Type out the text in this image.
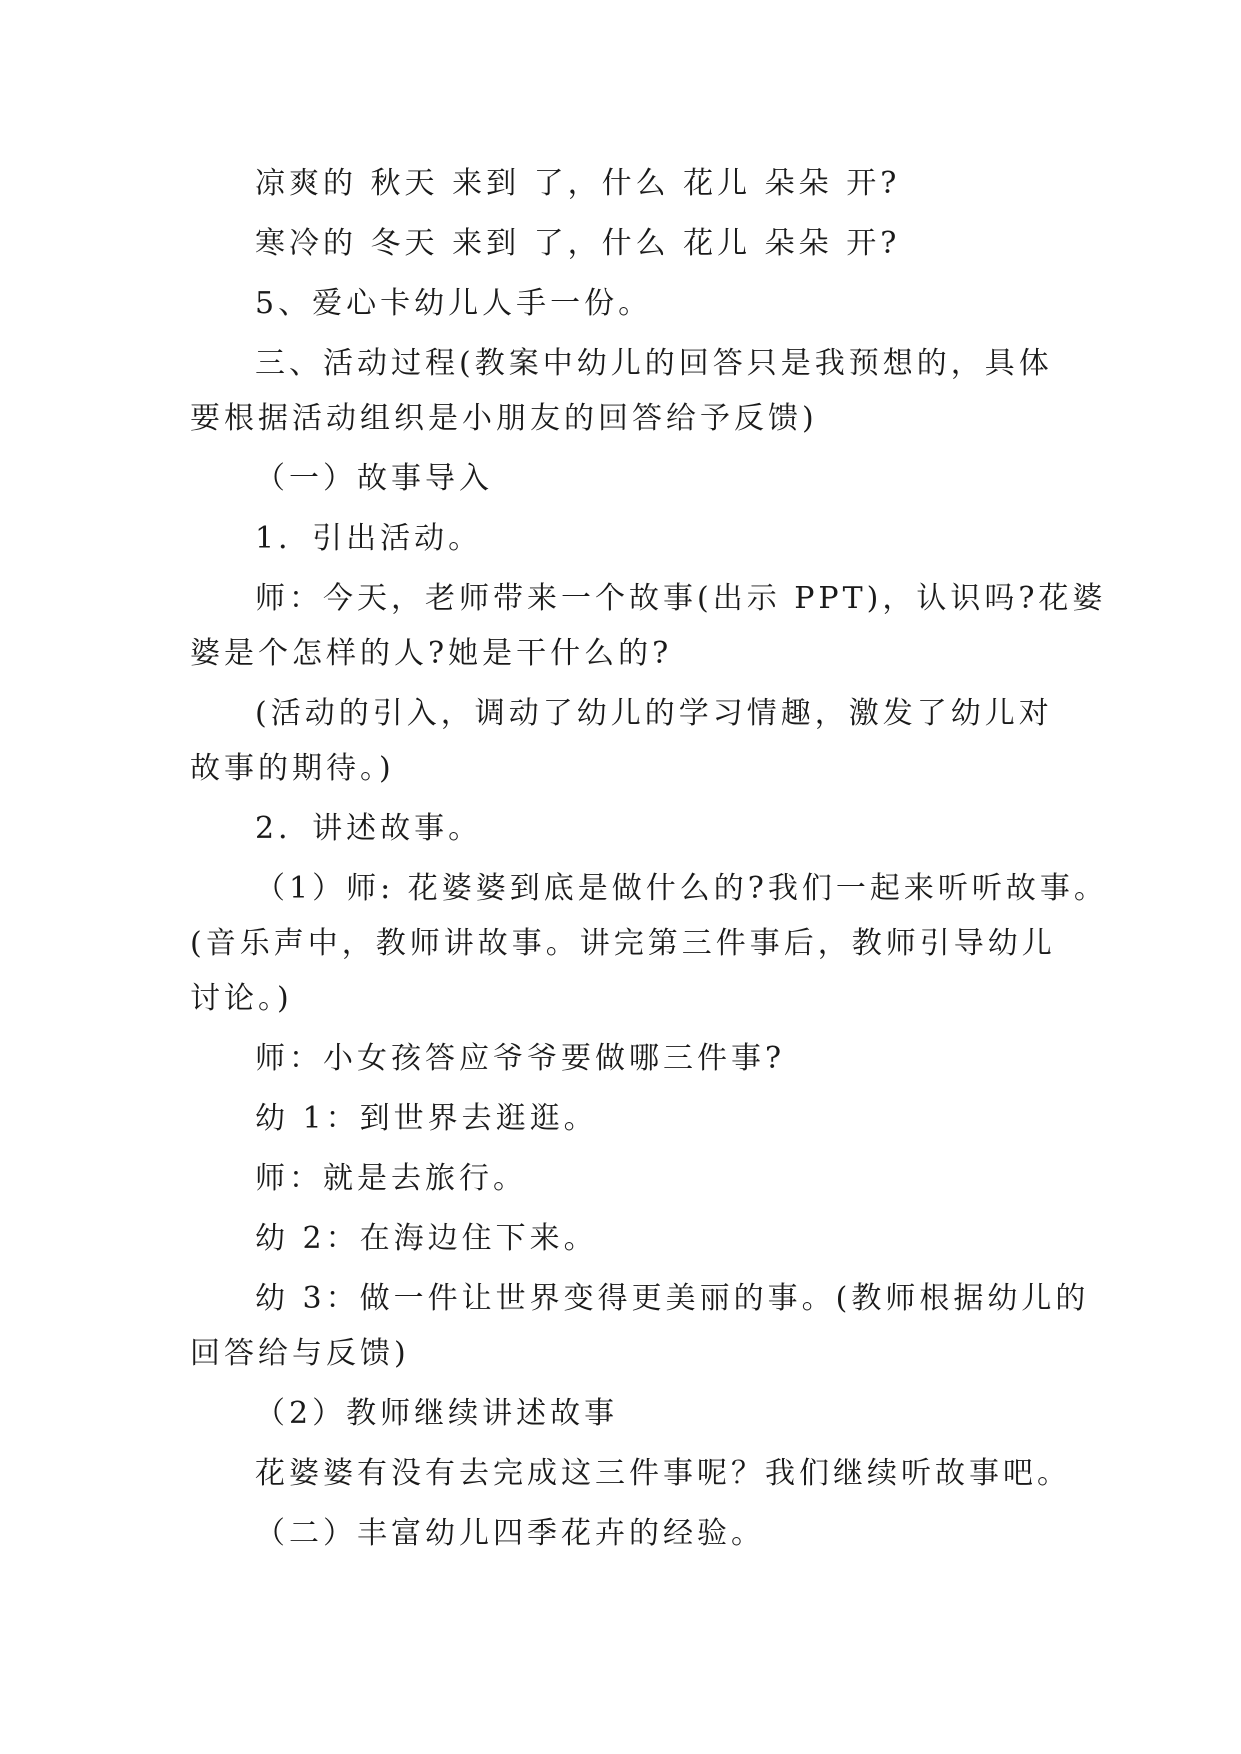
凉爽的 秋天 来到 了，什么 花儿 朵朵 开?
寒冷的 冬天 来到 了，什么 花儿 朵朵 开?
5、爱心卡幼儿人手一份。
三、活动过程(教案中幼儿的回答只是我预想的，具体
要根据活动组织是小朋友的回答给予反馈)
（一）故事导入
1．引出活动。
师：今天，老师带来一个故事(出示 PPT)，认识吗?花婆
婆是个怎样的人?她是干什么的?
(活动的引入，调动了幼儿的学习情趣，激发了幼儿对
故事的期待。)
2．讲述故事。
（1）师: 花婆婆到底是做什么的?我们一起来听听故事。
(音乐声中，教师讲故事。讲完第三件事后，教师引导幼儿
讨论。)
师：小女孩答应爷爷要做哪三件事?
幼 1：到世界去逛逛。
师：就是去旅行。
幼 2：在海边住下来。
幼 3：做一件让世界变得更美丽的事。(教师根据幼儿的
回答给与反馈)
（2）教师继续讲述故事
花婆婆有没有去完成这三件事呢？我们继续听故事吧。
（二）丰富幼儿四季花卉的经验。
